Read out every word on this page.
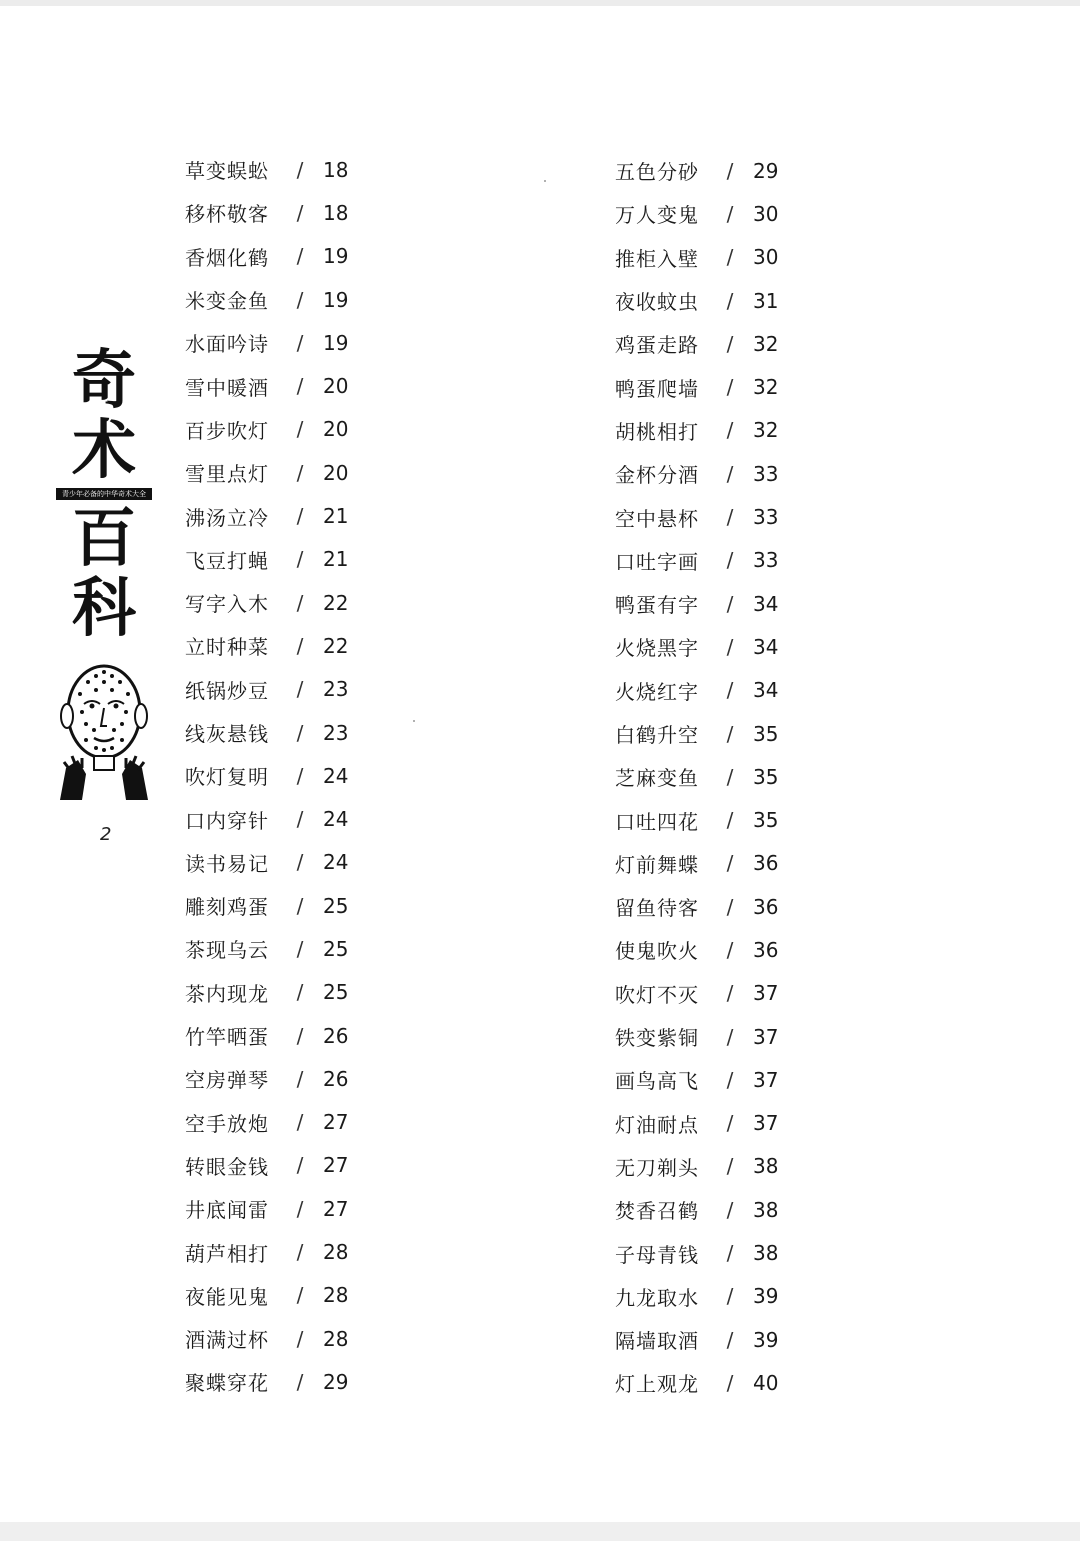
奇
术
青少年必备的中华奇术大全
百
科
2
草变蜈蚣	/ 18
移杯敬客	/ 18
香烟化鹤	/ 19
米变金鱼	/ 19
水面吟诗	/ 19
雪中暖酒	/ 20
百步吹灯	/ 20
雪里点灯	/ 20
沸汤立冷	/ 21
飞豆打蝇	/ 21
写字入木	/ 22
立时种菜	/ 22
纸锅炒豆	/ 23
线灰悬钱	/ 23
吹灯复明	/ 24
口内穿针	/ 24
读书易记	/ 24
雕刻鸡蛋	/ 25
茶现乌云	/ 25
茶内现龙	/ 25
竹竿晒蛋	/ 26
空房弹琴	/ 26
空手放炮	/ 27
转眼金钱	/ 27
井底闻雷	/ 27
葫芦相打	/ 28
夜能见鬼	/ 28
酒满过杯	/ 28
聚蝶穿花	/ 29
五色分砂	/ 29
万人变鬼	/ 30
推柜入壁	/ 30
夜收蚊虫	/ 31
鸡蛋走路	/ 32
鸭蛋爬墙	/ 32
胡桃相打	/ 32
金杯分酒	/ 33
空中悬杯	/ 33
口吐字画	/ 33
鸭蛋有字	/ 34
火烧黑字	/ 34
火烧红字	/ 34
白鹤升空	/ 35
芝麻变鱼	/ 35
口吐四花	/ 35
灯前舞蝶	/ 36
留鱼待客	/ 36
使鬼吹火	/ 36
吹灯不灭	/ 37
铁变紫铜	/ 37
画鸟高飞	/ 37
灯油耐点	/ 37
无刀剃头	/ 38
焚香召鹤	/ 38
子母青钱	/ 38
九龙取水	/ 39
隔墙取酒	/ 39
灯上观龙	/ 40
